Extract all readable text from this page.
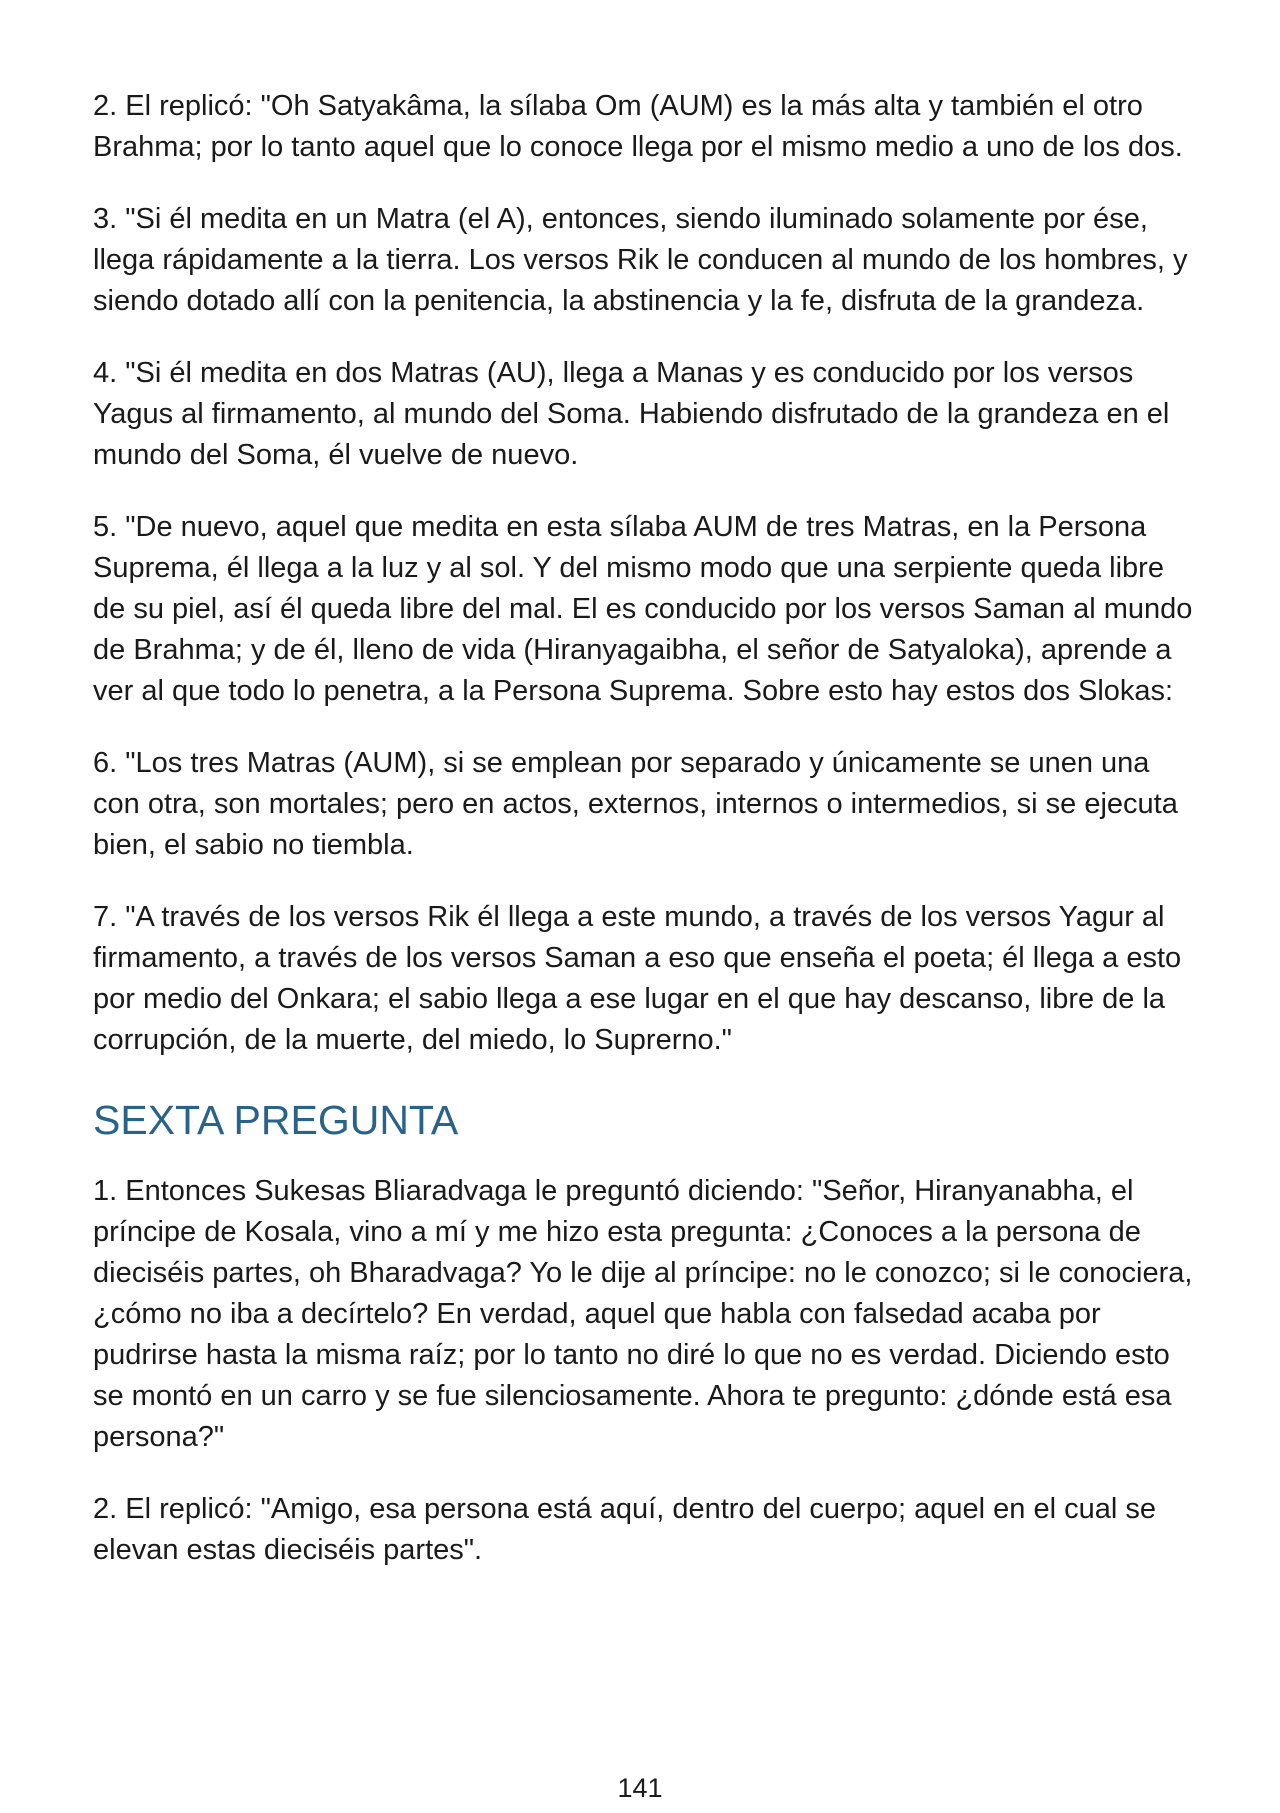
2. El replicó: "Oh Satyakâma, la sílaba Om (AUM) es la más alta y también el otro Brahma; por lo tanto aquel que lo conoce llega por el mismo medio a uno de los dos.

3. "Si él medita en un Matra (el A), entonces, siendo iluminado solamente por ése, llega rápidamente a la tierra. Los versos Rik le conducen al mundo de los hombres, y siendo dotado allí con la penitencia, la abstinencia y la fe, disfruta de la grandeza.

4. "Si él medita en dos Matras (AU), llega a Manas y es conducido por los versos Yagus al firmamento, al mundo del Soma. Habiendo disfrutado de la grandeza en el mundo del Soma, él vuelve de nuevo.

5. "De nuevo, aquel que medita en esta sílaba AUM de tres Matras, en la Persona Suprema, él llega a la luz y al sol. Y del mismo modo que una serpiente queda libre de su piel, así él queda libre del mal. El es conducido por los versos Saman al mundo de Brahma; y de él, lleno de vida (Hiranyagaibha, el señor de Satyaloka), aprende a ver al que todo lo penetra, a la Persona Suprema. Sobre esto hay estos dos Slokas:

6. "Los tres Matras (AUM), si se emplean por separado y únicamente se unen una con otra, son mortales; pero en actos, externos, internos o intermedios, si se ejecuta bien, el sabio no tiembla.

7. "A través de los versos Rik él llega a este mundo, a través de los versos Yagur al firmamento, a través de los versos Saman a eso que enseña el poeta; él llega a esto por medio del Onkara; el sabio llega a ese lugar en el que hay descanso, libre de la corrupción, de la muerte, del miedo, lo Suprerno."

SEXTA PREGUNTA

1. Entonces Sukesas Bliaradvaga le preguntó diciendo: "Señor, Hiranyanabha, el príncipe de Kosala, vino a mí y me hizo esta pregunta: ¿Conoces a la persona de dieciséis partes, oh Bharadvaga? Yo le dije al príncipe: no le conozco; si le conociera, ¿cómo no iba a decírtelo? En verdad, aquel que habla con falsedad acaba por pudrirse hasta la misma raíz; por lo tanto no diré lo que no es verdad. Diciendo esto se montó en un carro y se fue silenciosamente. Ahora te pregunto: ¿dónde está esa persona?"

2. El replicó: "Amigo, esa persona está aquí, dentro del cuerpo; aquel en el cual se elevan estas dieciséis partes".

141
